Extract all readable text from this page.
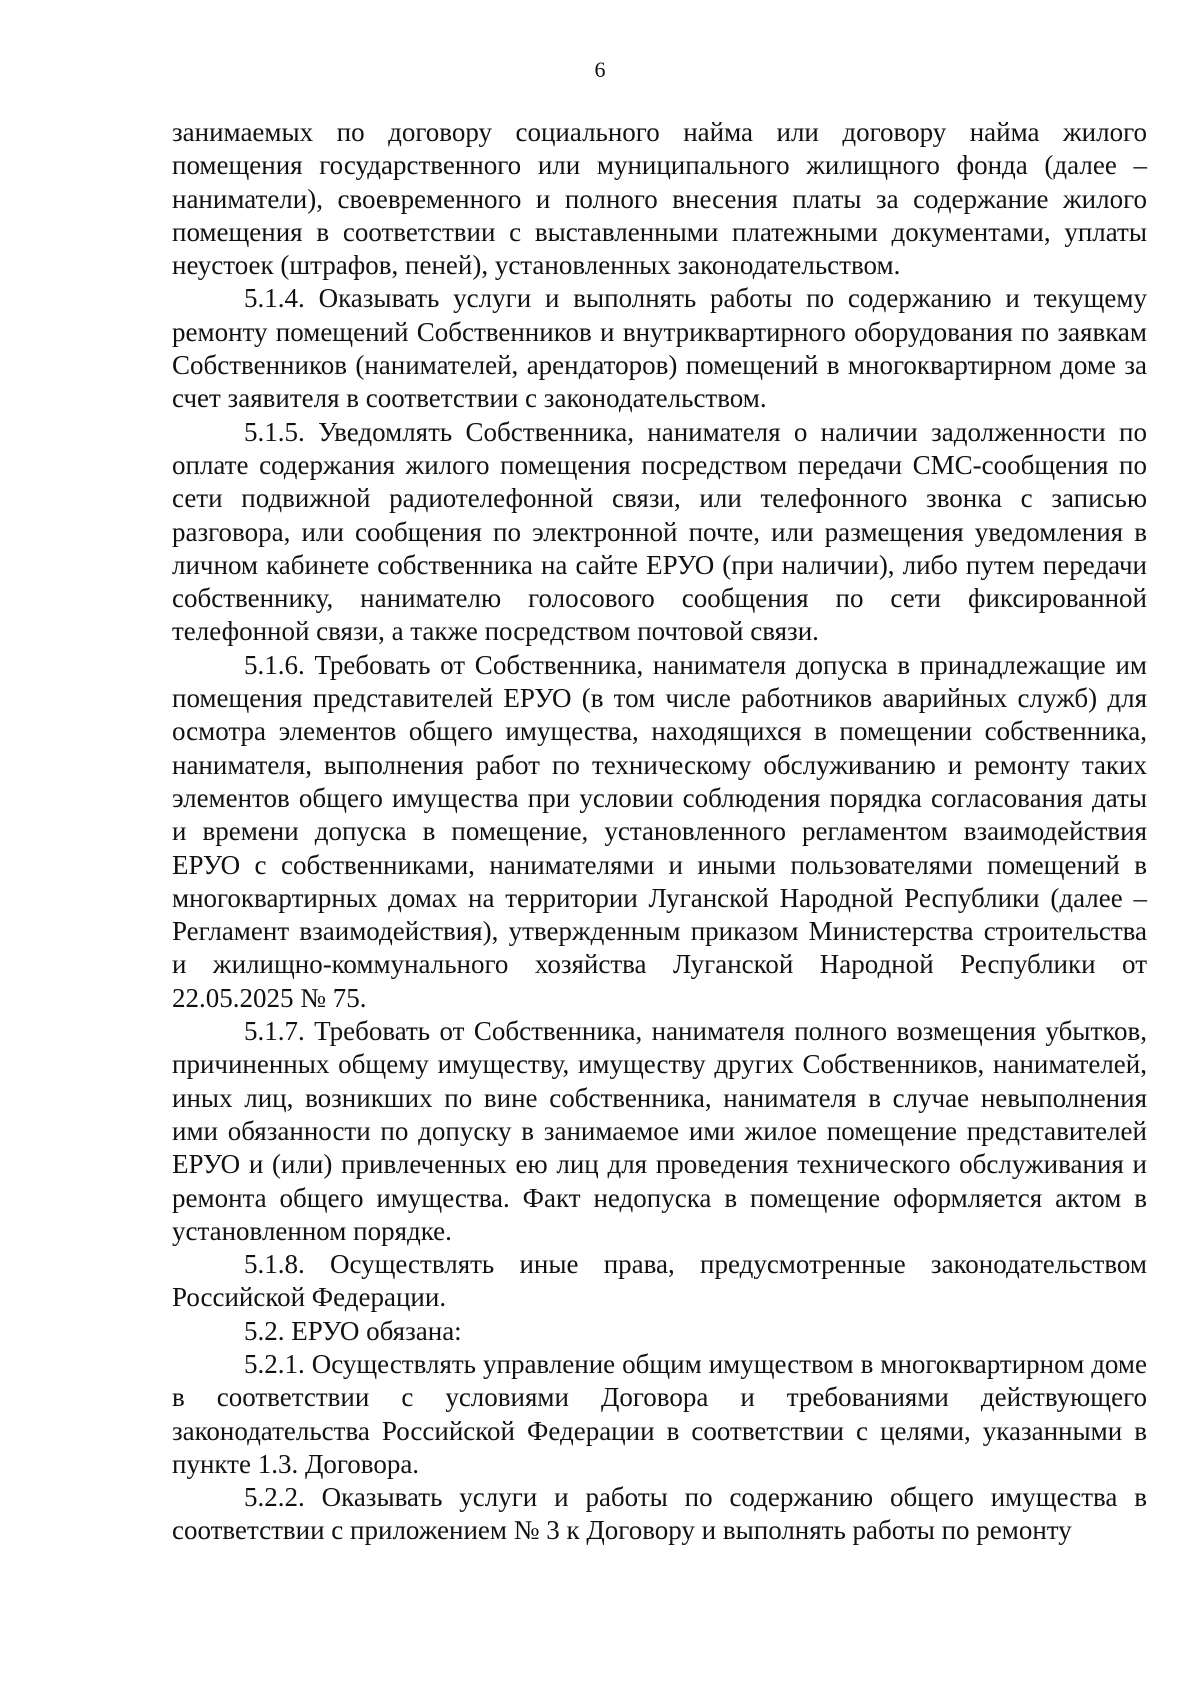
6

занимаемых по договору социального найма или договору найма жилого помещения государственного или муниципального жилищного фонда (далее – наниматели), своевременного и полного внесения платы за содержание жилого помещения в соответствии с выставленными платежными документами, уплаты неустоек (штрафов, пеней), установленных законодательством.

5.1.4. Оказывать услуги и выполнять работы по содержанию и текущему ремонту помещений Собственников и внутриквартирного оборудования по заявкам Собственников (нанимателей, арендаторов) помещений в многоквартирном доме за счет заявителя в соответствии с законодательством.

5.1.5. Уведомлять Собственника, нанимателя о наличии задолженности по оплате содержания жилого помещения посредством передачи СМС-сообщения по сети подвижной радиотелефонной связи, или телефонного звонка с записью разговора, или сообщения по электронной почте, или размещения уведомления в личном кабинете собственника на сайте ЕРУО (при наличии), либо путем передачи собственнику, нанимателю голосового сообщения по сети фиксированной телефонной связи, а также посредством почтовой связи.

5.1.6. Требовать от Собственника, нанимателя допуска в принадлежащие им помещения представителей ЕРУО (в том числе работников аварийных служб) для осмотра элементов общего имущества, находящихся в помещении собственника, нанимателя, выполнения работ по техническому обслуживанию и ремонту таких элементов общего имущества при условии соблюдения порядка согласования даты и времени допуска в помещение, установленного регламентом взаимодействия ЕРУО с собственниками, нанимателями и иными пользователями помещений в многоквартирных домах на территории Луганской Народной Республики (далее – Регламент взаимодействия), утвержденным приказом Министерства строительства и жилищно-коммунального хозяйства Луганской Народной Республики от 22.05.2025 № 75.

5.1.7. Требовать от Собственника, нанимателя полного возмещения убытков, причиненных общему имуществу, имуществу других Собственников, нанимателей, иных лиц, возникших по вине собственника, нанимателя в случае невыполнения ими обязанности по допуску в занимаемое ими жилое помещение представителей ЕРУО и (или) привлеченных ею лиц для проведения технического обслуживания и ремонта общего имущества. Факт недопуска в помещение оформляется актом в установленном порядке.

5.1.8. Осуществлять иные права, предусмотренные законодательством Российской Федерации.

5.2. ЕРУО обязана:

5.2.1. Осуществлять управление общим имуществом в многоквартирном доме в соответствии с условиями Договора и требованиями действующего законодательства Российской Федерации в соответствии с целями, указанными в пункте 1.3. Договора.

5.2.2. Оказывать услуги и работы по содержанию общего имущества в соответствии с приложением № 3 к Договору и выполнять работы по ремонту
